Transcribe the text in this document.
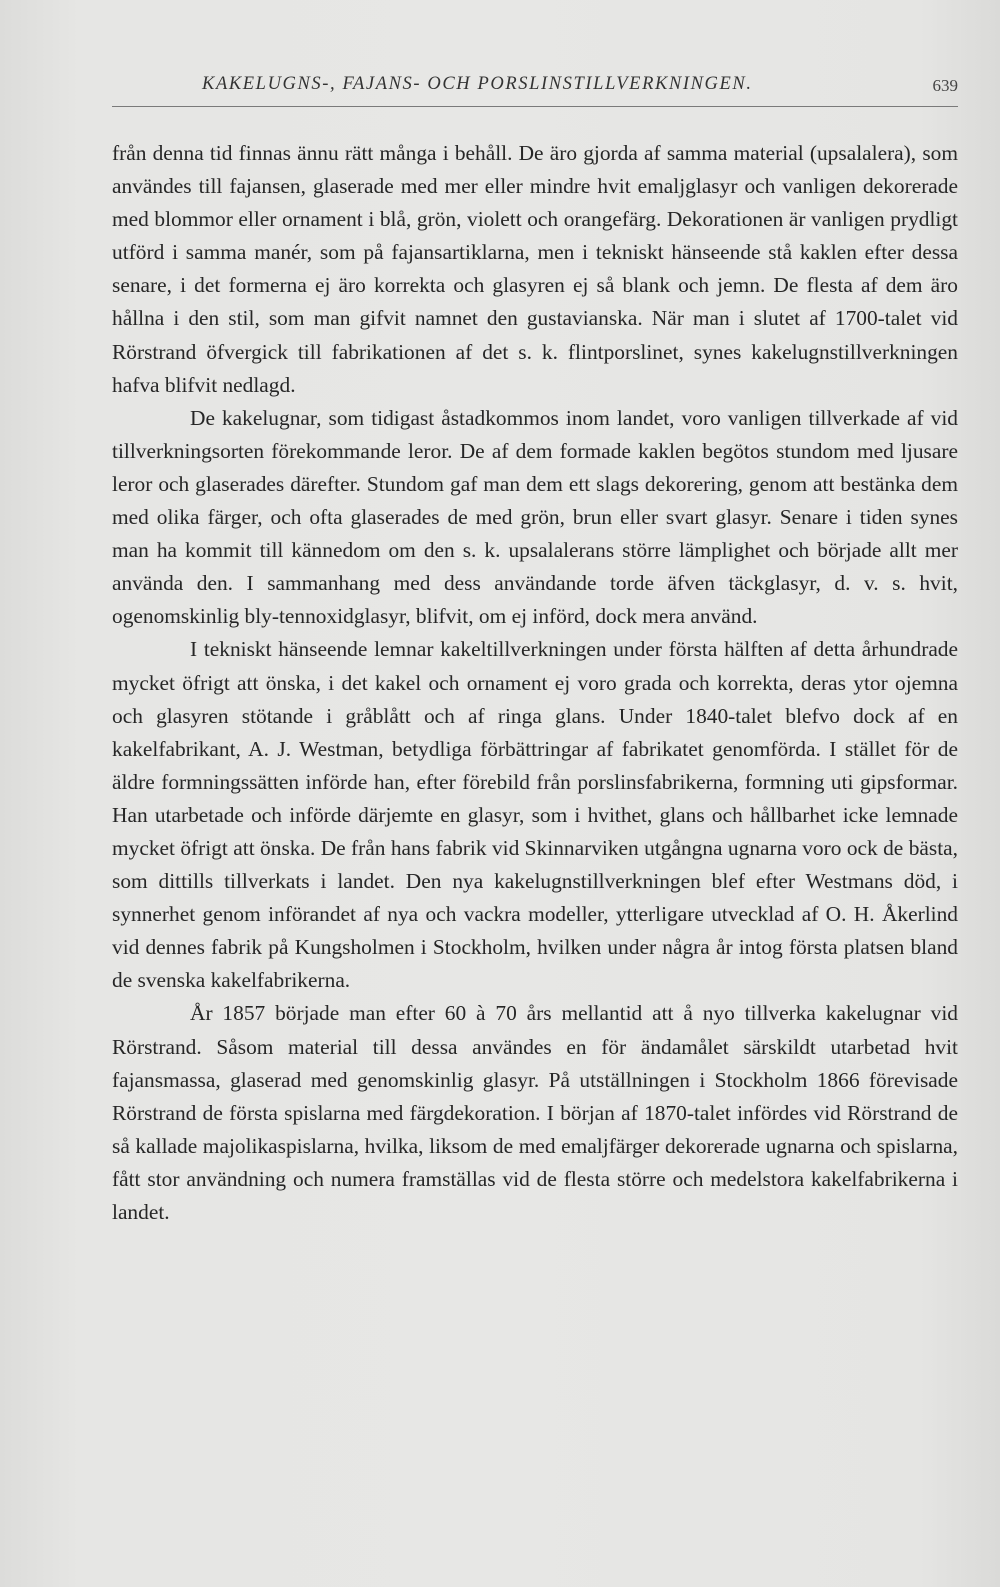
KAKELUGNS-, FAJANS- OCH PORSLINSTILLVERKNINGEN.	639

från denna tid finnas ännu rätt många i behåll. De äro gjorda af samma material (upsalalera), som användes till fajansen, glaserade med mer eller mindre hvit emaljglasyr och vanligen dekorerade med blommor eller ornament i blå, grön, violett och orangefärg. Dekorationen är vanligen prydligt utförd i samma manér, som på fajansartiklarna, men i tekniskt hänseende stå kaklen efter dessa senare, i det formerna ej äro korrekta och glasyren ej så blank och jemn. De flesta af dem äro hållna i den stil, som man gifvit namnet den gustavianska. När man i slutet af 1700-talet vid Rörstrand öfvergick till fabrikationen af det s. k. flintporslinet, synes kakelugnstillverkningen hafva blifvit nedlagd.

De kakelugnar, som tidigast åstadkommos inom landet, voro vanligen tillverkade af vid tillverkningsorten förekommande leror. De af dem formade kaklen begötos stundom med ljusare leror och glaserades därefter. Stundom gaf man dem ett slags dekorering, genom att bestänka dem med olika färger, och ofta glaserades de med grön, brun eller svart glasyr. Senare i tiden synes man ha kommit till kännedom om den s. k. upsalalerans större lämplighet och började allt mer använda den. I sammanhang med dess användande torde äfven täckglasyr, d. v. s. hvit, ogenomskinlig bly-tennoxidglasyr, blifvit, om ej införd, dock mera använd.

I tekniskt hänseende lemnar kakeltillverkningen under första hälften af detta århundrade mycket öfrigt att önska, i det kakel och ornament ej voro grada och korrekta, deras ytor ojemna och glasyren stötande i gråblått och af ringa glans. Under 1840-talet blefvo dock af en kakelfabrikant, A. J. Westman, betydliga förbättringar af fabrikatet genomförda. I stället för de äldre formningssätten införde han, efter förebild från porslinsfabrikerna, formning uti gipsformar. Han utarbetade och införde därjemte en glasyr, som i hvithet, glans och hållbarhet icke lemnade mycket öfrigt att önska. De från hans fabrik vid Skinnarviken utgångna ugnarna voro ock de bästa, som dittills tillverkats i landet. Den nya kakelugnstillverkningen blef efter Westmans död, i synnerhet genom införandet af nya och vackra modeller, ytterligare utvecklad af O. H. Åkerlind vid dennes fabrik på Kungsholmen i Stockholm, hvilken under några år intog första platsen bland de svenska kakelfabrikerna.

År 1857 började man efter 60 à 70 års mellantid att å nyo tillverka kakelugnar vid Rörstrand. Såsom material till dessa användes en för ändamålet särskildt utarbetad hvit fajansmassa, glaserad med genomskinlig glasyr. På utställningen i Stockholm 1866 förevisade Rörstrand de första spislarna med färgdekoration. I början af 1870-talet infördes vid Rörstrand de så kallade majolikaspislarna, hvilka, liksom de med emaljfärger dekorerade ugnarna och spislarna, fått stor användning och numera framställas vid de flesta större och medelstora kakelfabrikerna i landet.
